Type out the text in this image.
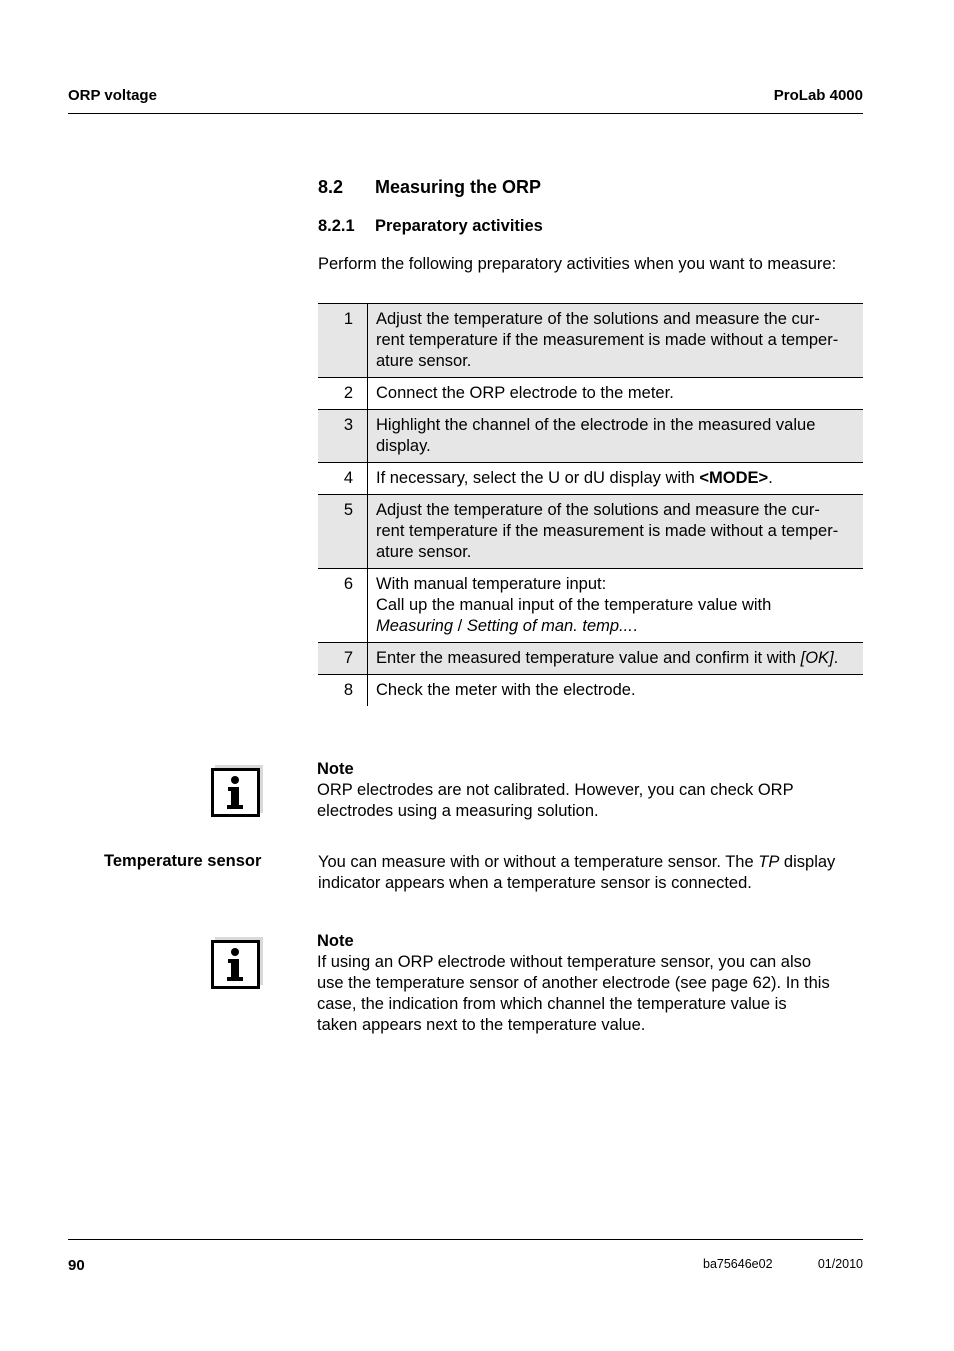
ORP voltage	ProLab 4000
8.2 Measuring the ORP
8.2.1 Preparatory activities
Perform the following preparatory activities when you want to measure:
1	Adjust the temperature of the solutions and measure the cur-
rent temperature if the measurement is made without a temper-
ature sensor.

2	Connect the ORP electrode to the meter.

3	Highlight the channel of the electrode in the measured value
display.

4	If necessary, select the U or dU display with <MODE>.
5	Adjust the temperature of the solutions and measure the cur-
rent temperature if the measurement is made without a temper-
ature sensor.

6	With manual temperature input:
Call up the manual input of the temperature value with
Measuring / Setting of man. temp....

7	Enter the measured temperature value and confirm it with [OK].
8	Check the meter with the electrode.
Note
ORP electrodes are not calibrated. However, you can check ORP
electrodes using a measuring solution.
Temperature sensor	You can measure with or without a temperature sensor. The TP display
indicator appears when a temperature sensor is connected.
Note
If using an ORP electrode without temperature sensor, you can also
use the temperature sensor of another electrode (see page 62). In this
case, the indication from which channel the temperature value is
taken appears next to the temperature value.
90	ba75646e02	01/2010
